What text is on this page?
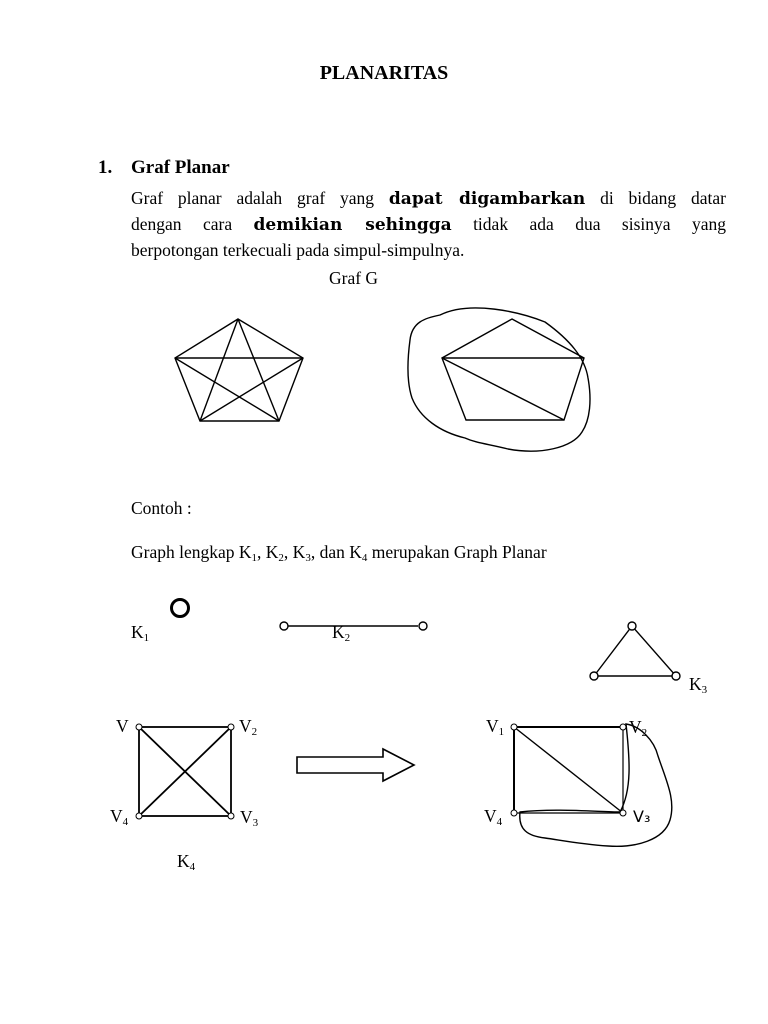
PLANARITAS
1. Graf Planar
Graf planar adalah graf yang dapat digambarkan di bidang datar
dengan cara demikian sehingga tidak ada dua sisinya yang
berpotongan terkecuali pada simpul-simpulnya.
Graf G
Contoh :
Graph lengkap $K_1$, $K_2$, $K_3$, dan $K_4$ merupakan Graph Planar
$K_1$	$K_2$
$K_3$
$K_4$
V	$V_2$
$V_4$	$V_3$
$V_1$	$V_2$
$V_4$	V₃
